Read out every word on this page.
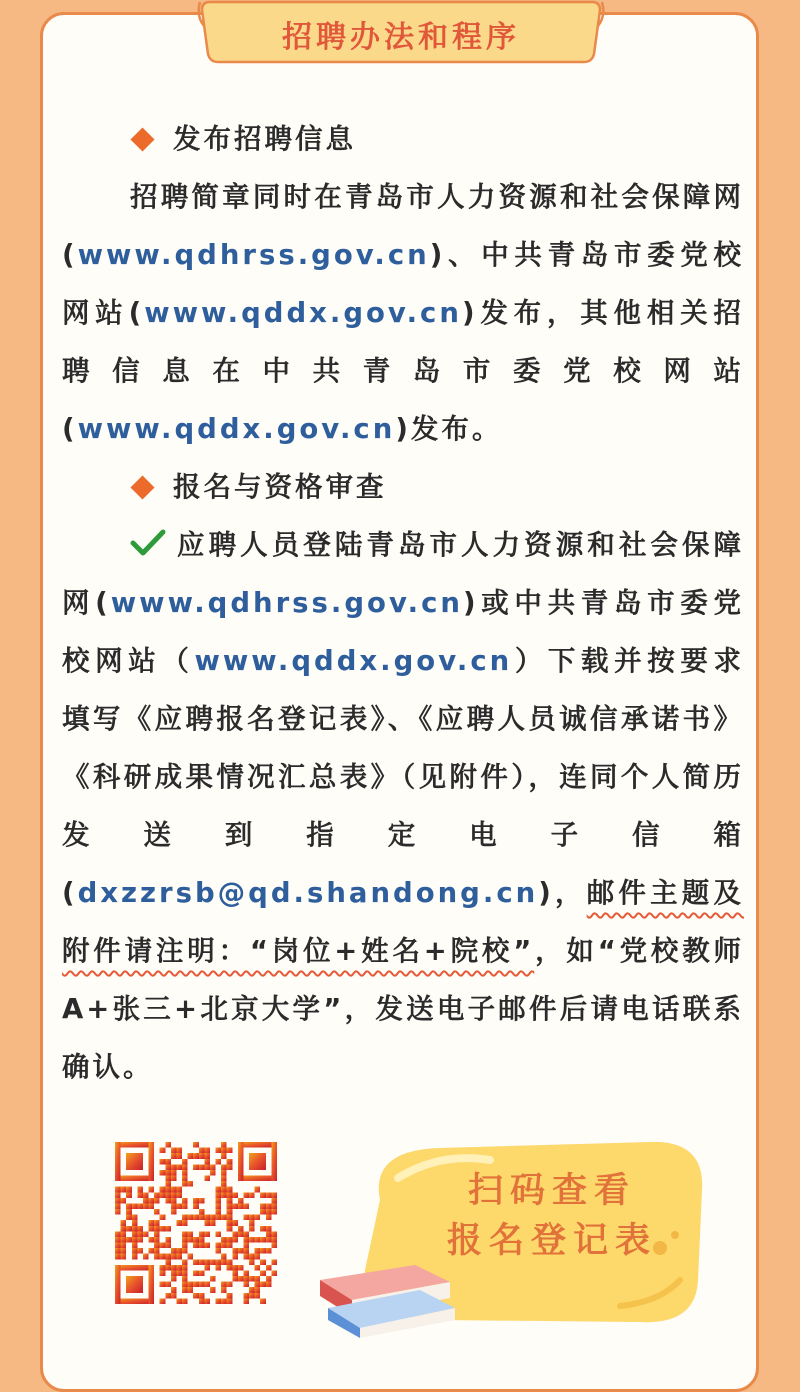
招聘办法和程序
发布招聘信息

招聘简章同时在青岛市人力资源和社会保障网(www.qdhrss.gov.cn)、中共青岛市委党校网站(www.qddx.gov.cn)发布，其他相关招聘信息在中共青岛市委党校网站(www.qddx.gov.cn)发布。

报名与资格审查

应聘人员登陆青岛市人力资源和社会保障网(www.qdhrss.gov.cn)或中共青岛市委党校网站（www.qddx.gov.cn）下载并按要求填写《应聘报名登记表》、《应聘人员诚信承诺书》《科研成果情况汇总表》（见附件），连同个人简历发送到指定电子信箱(dxzzrsb@qd.shandong.cn)，邮件主题及附件请注明：“岗位+姓名+院校”，如“党校教师A+张三+北京大学”，发送电子邮件后请电话联系确认。

扫码查看
报名登记表
